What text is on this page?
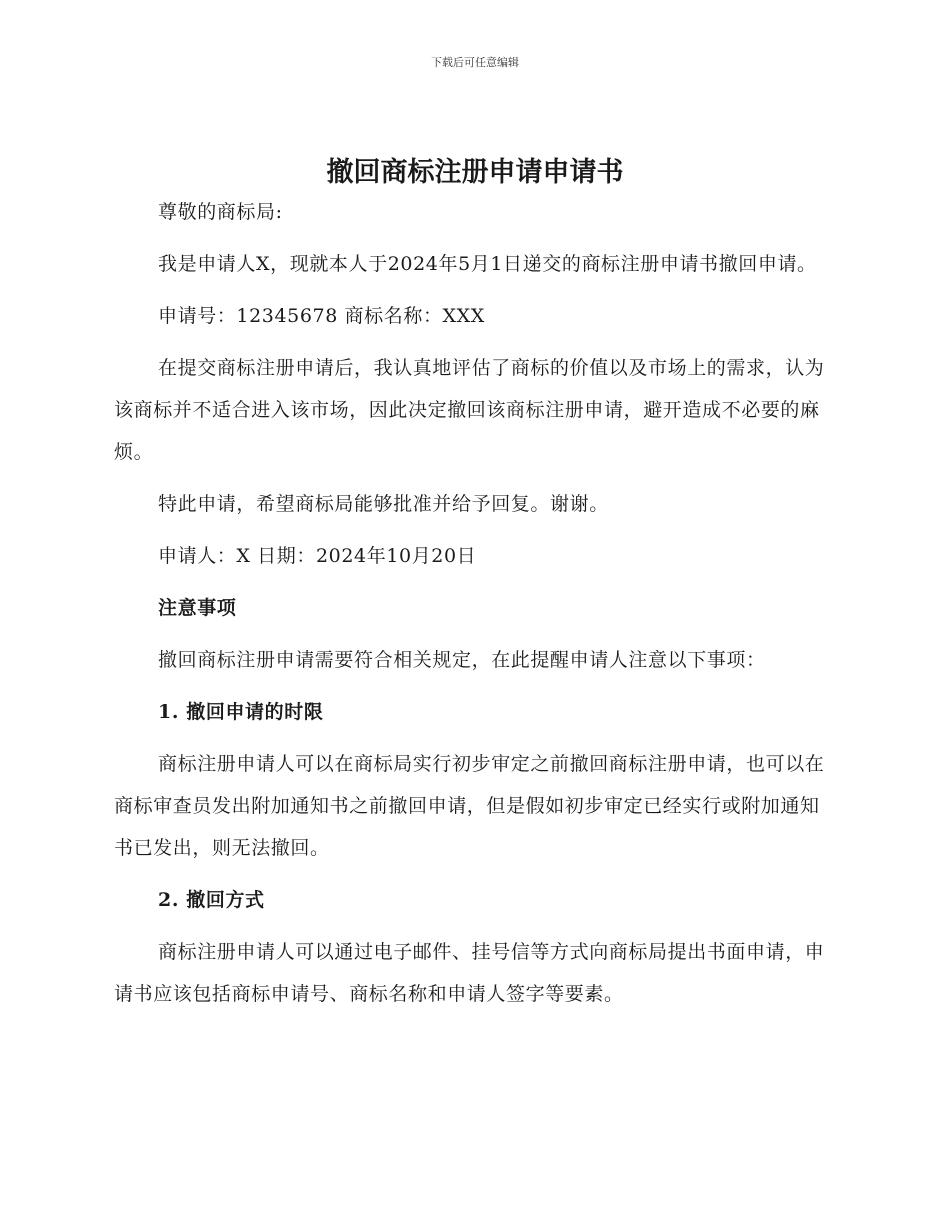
下载后可任意编辑
撤回商标注册申请申请书

尊敬的商标局:

我是申请人X，现就本人于2024年5月1日递交的商标注册申请书撤回申请。

申请号：12345678 商标名称：XXX

在提交商标注册申请后，我认真地评估了商标的价值以及市场上的需求，认为该商标并不适合进入该市场，因此决定撤回该商标注册申请，避开造成不必要的麻烦。

特此申请，希望商标局能够批准并给予回复。谢谢。

申请人：X 日期：2024年10月20日

注意事项

撤回商标注册申请需要符合相关规定，在此提醒申请人注意以下事项：

1. 撤回申请的时限

商标注册申请人可以在商标局实行初步审定之前撤回商标注册申请，也可以在商标审查员发出附加通知书之前撤回申请，但是假如初步审定已经实行或附加通知书已发出，则无法撤回。

2. 撤回方式

商标注册申请人可以通过电子邮件、挂号信等方式向商标局提出书面申请，申请书应该包括商标申请号、商标名称和申请人签字等要素。
